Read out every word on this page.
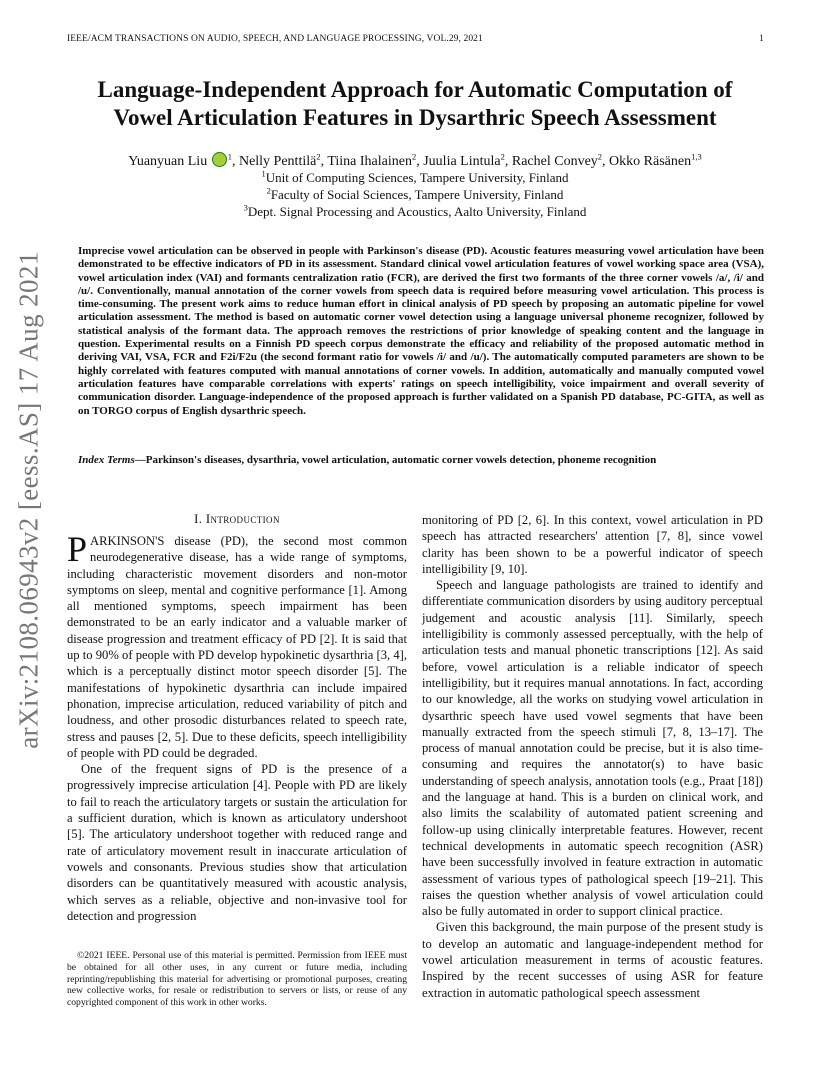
IEEE/ACM TRANSACTIONS ON AUDIO, SPEECH, AND LANGUAGE PROCESSING, VOL.29, 2021	1
arXiv:2108.06943v2 [eess.AS] 17 Aug 2021
Language-Independent Approach for Automatic Computation of
Vowel Articulation Features in Dysarthric Speech Assessment
Yuanyuan Liu $^1$, Nelly Penttilä$^2$, Tiina Ihalainen$^2$, Juulia Lintula$^2$, Rachel Convey$^2$, Okko Räsänen$^{1,3}$
$^1$Unit of Computing Sciences, Tampere University, Finland
$^2$Faculty of Social Sciences, Tampere University, Finland
$^3$Dept. Signal Processing and Acoustics, Aalto University, Finland
Imprecise vowel articulation can be observed in people with Parkinson's disease (PD). Acoustic features measuring vowel articulation have been demonstrated to be effective indicators of PD in its assessment. Standard clinical vowel articulation features of vowel working space area (VSA), vowel articulation index (VAI) and formants centralization ratio (FCR), are derived the first two formants of the three corner vowels /a/, /i/ and /u/. Conventionally, manual annotation of the corner vowels from speech data is required before measuring vowel articulation. This process is time-consuming. The present work aims to reduce human effort in clinical analysis of PD speech by proposing an automatic pipeline for vowel articulation assessment. The method is based on automatic corner vowel detection using a language universal phoneme recognizer, followed by statistical analysis of the formant data. The approach removes the restrictions of prior knowledge of speaking content and the language in question. Experimental results on a Finnish PD speech corpus demonstrate the efficacy and reliability of the proposed automatic method in deriving VAI, VSA, FCR and F2i/F2u (the second formant ratio for vowels /i/ and /u/). The automatically computed parameters are shown to be highly correlated with features computed with manual annotations of corner vowels. In addition, automatically and manually computed vowel articulation features have comparable correlations with experts' ratings on speech intelligibility, voice impairment and overall severity of communication disorder. Language-independence of the proposed approach is further validated on a Spanish PD database, PC-GITA, as well as on TORGO corpus of English dysarthric speech.
Index Terms—Parkinson's diseases, dysarthria, vowel articulation, automatic corner vowels detection, phoneme recognition
I. Introduction

PARKINSON'S disease (PD), the second most common neurodegenerative disease, has a wide range of symptoms, including characteristic movement disorders and non-motor symptoms on sleep, mental and cognitive performance [1]. Among all mentioned symptoms, speech impairment has been demonstrated to be an early indicator and a valuable marker of disease progression and treatment efficacy of PD [2]. It is said that up to 90% of people with PD develop hypokinetic dysarthria [3, 4], which is a perceptually distinct motor speech disorder [5]. The manifestations of hypokinetic dysarthria can include impaired phonation, imprecise articulation, reduced variability of pitch and loudness, and other prosodic disturbances related to speech rate, stress and pauses [2, 5]. Due to these deficits, speech intelligibility of people with PD could be degraded.

One of the frequent signs of PD is the presence of a progressively imprecise articulation [4]. People with PD are likely to fail to reach the articulatory targets or sustain the articulation for a sufficient duration, which is known as articulatory undershoot [5]. The articulatory undershoot together with reduced range and rate of articulatory movement result in inaccurate articulation of vowels and consonants. Previous studies show that articulation disorders can be quantitatively measured with acoustic analysis, which serves as a reliable, objective and non-invasive tool for detection and progression

©2021 IEEE. Personal use of this material is permitted. Permission from IEEE must be obtained for all other uses, in any current or future media, including reprinting/republishing this material for advertising or promotional purposes, creating new collective works, for resale or redistribution to servers or lists, or reuse of any copyrighted component of this work in other works.

monitoring of PD [2, 6]. In this context, vowel articulation in PD speech has attracted researchers' attention [7, 8], since vowel clarity has been shown to be a powerful indicator of speech intelligibility [9, 10].

Speech and language pathologists are trained to identify and differentiate communication disorders by using auditory perceptual judgement and acoustic analysis [11]. Similarly, speech intelligibility is commonly assessed perceptually, with the help of articulation tests and manual phonetic transcriptions [12]. As said before, vowel articulation is a reliable indicator of speech intelligibility, but it requires manual annotations. In fact, according to our knowledge, all the works on studying vowel articulation in dysarthric speech have used vowel segments that have been manually extracted from the speech stimuli [7, 8, 13–17]. The process of manual annotation could be precise, but it is also time-consuming and requires the annotator(s) to have basic understanding of speech analysis, annotation tools (e.g., Praat [18]) and the language at hand. This is a burden on clinical work, and also limits the scalability of automated patient screening and follow-up using clinically interpretable features. However, recent technical developments in automatic speech recognition (ASR) have been successfully involved in feature extraction in automatic assessment of various types of pathological speech [19–21]. This raises the question whether analysis of vowel articulation could also be fully automated in order to support clinical practice.

Given this background, the main purpose of the present study is to develop an automatic and language-independent method for vowel articulation measurement in terms of acoustic features. Inspired by the recent successes of using ASR for feature extraction in automatic pathological speech assessment
